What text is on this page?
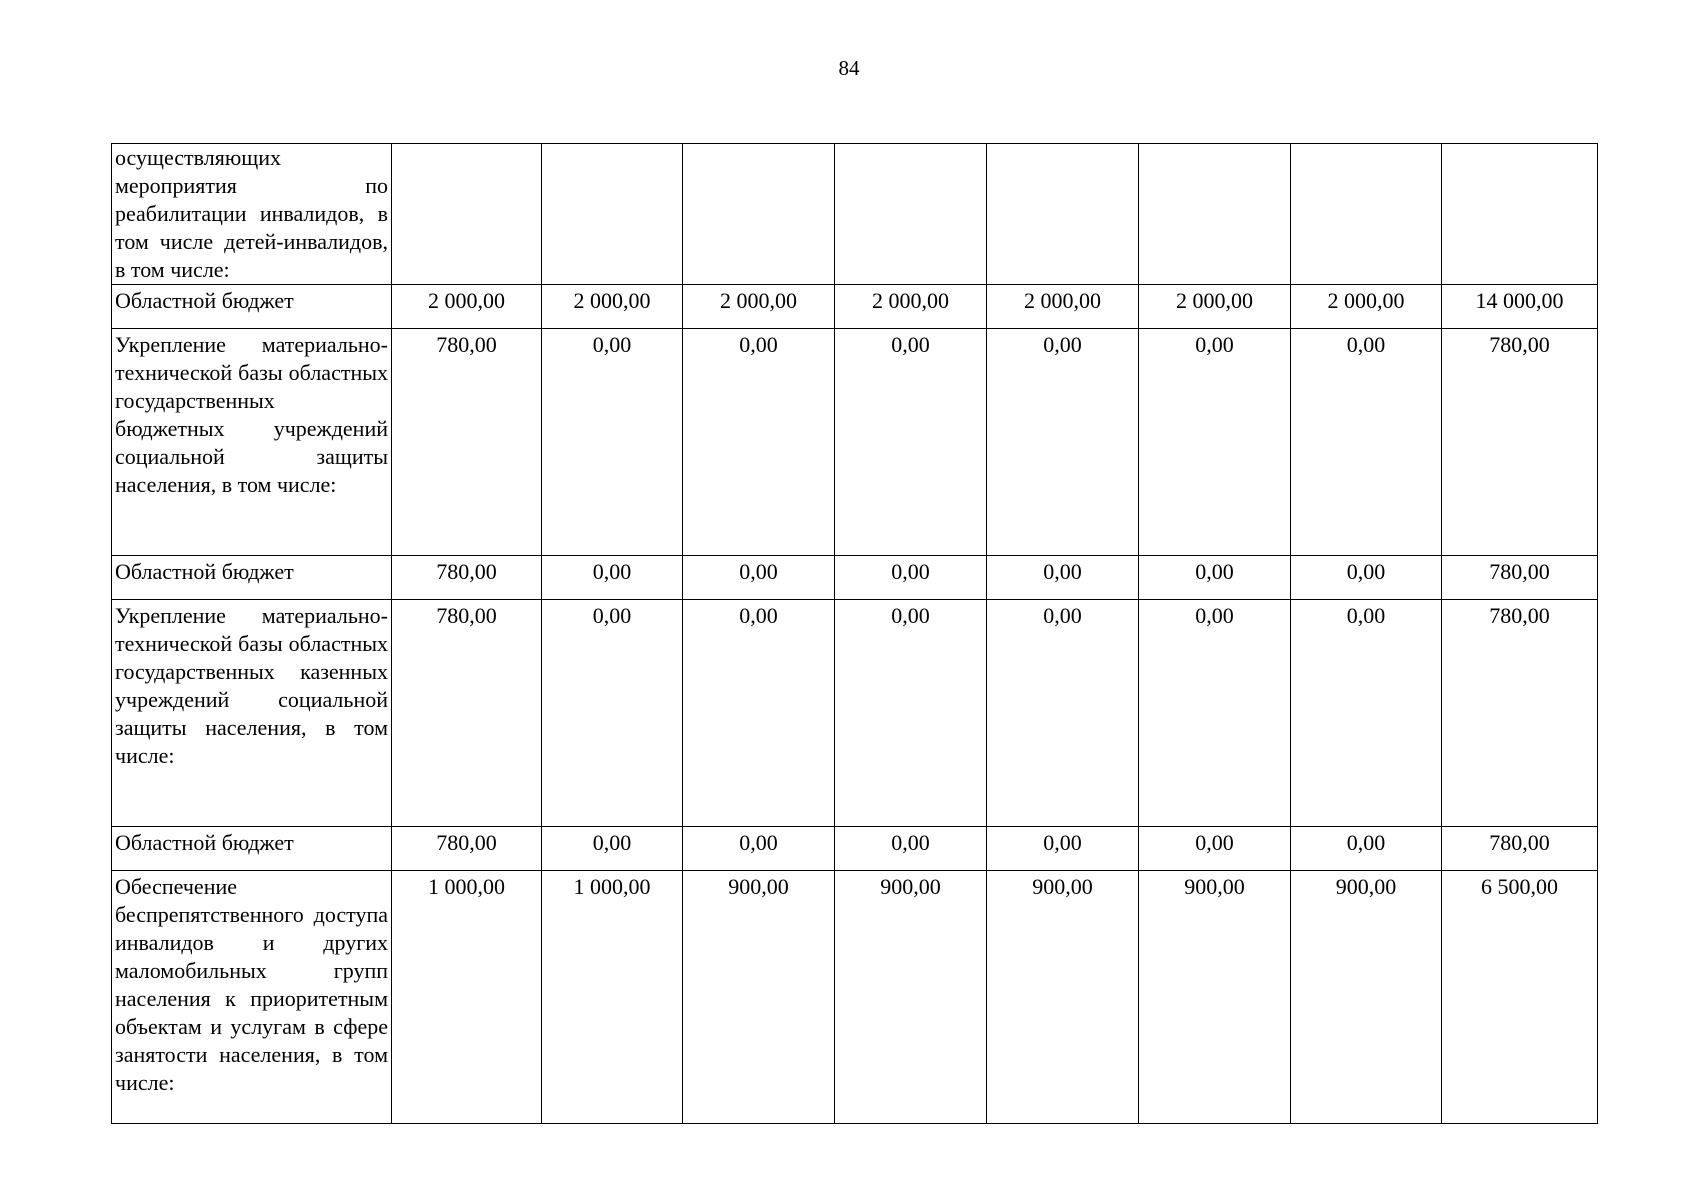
84
осуществляющих мероприятия по реабилитации инвалидов, в том числе детей-инвалидов, в том числе:								
Областной бюджет	2 000,00	2 000,00	2 000,00	2 000,00	2 000,00	2 000,00	2 000,00	14 000,00
Укрепление материально-технической базы областных государственных бюджетных учреждений социальной защиты населения, в том числе:	780,00	0,00	0,00	0,00	0,00	0,00	0,00	780,00
Областной бюджет	780,00	0,00	0,00	0,00	0,00	0,00	0,00	780,00
Укрепление материально-технической базы областных государственных казенных учреждений социальной защиты населения, в том числе:	780,00	0,00	0,00	0,00	0,00	0,00	0,00	780,00
Областной бюджет	780,00	0,00	0,00	0,00	0,00	0,00	0,00	780,00
Обеспечение беспрепятственного доступа инвалидов и других маломобильных групп населения к приоритетным объектам и услугам в сфере занятости населения, в том числе:	1 000,00	1 000,00	900,00	900,00	900,00	900,00	900,00	6 500,00
